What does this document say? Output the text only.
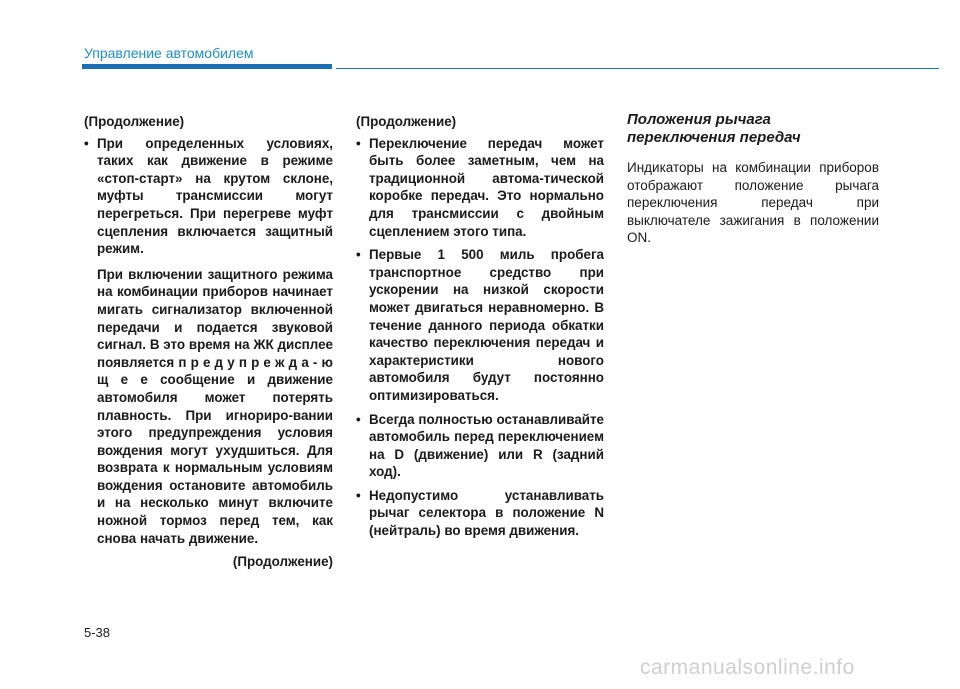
Управление автомобилем

(Продолжение)

• При определенных условиях, таких как движение в режиме «стоп-старт» на крутом склоне, муфты трансмиссии могут перегреться. При перегреве муфт сцепления включается защитный режим.

При включении защитного режима на комбинации приборов начинает мигать сигнализатор включенной передачи и подается звуковой сигнал. В это время на ЖК дисплее появляется п р е д у п р е ж д а - ю щ е е сообщение и движение автомобиля может потерять плавность. При игнориро-вании этого предупреждения условия вождения могут ухудшиться. Для возврата к нормальным условиям вождения остановите автомобиль и на несколько минут включите ножной тормоз перед тем, как снова начать движение.

(Продолжение)

(Продолжение)

• Переключение передач может быть более заметным, чем на традиционной автома-тической коробке передач. Это нормально для трансмиссии с двойным сцеплением этого типа.

• Первые 1 500 миль пробега транспортное средство при ускорении на низкой скорости может двигаться неравномерно. В течение данного периода обкатки качество переключения передач и характеристики нового автомобиля будут постоянно оптимизироваться.

• Всегда полностью останавливайте автомобиль перед переключением на D (движение) или R (задний ход).

• Недопустимо устанавливать рычаг селектора в положение N (нейтраль) во время движения.

Положения рычага
переключения передач

Индикаторы на комбинации приборов отображают положение рычага переключения передач при выключателе зажигания в положении ON.

5-38
carmanualsonline.info
